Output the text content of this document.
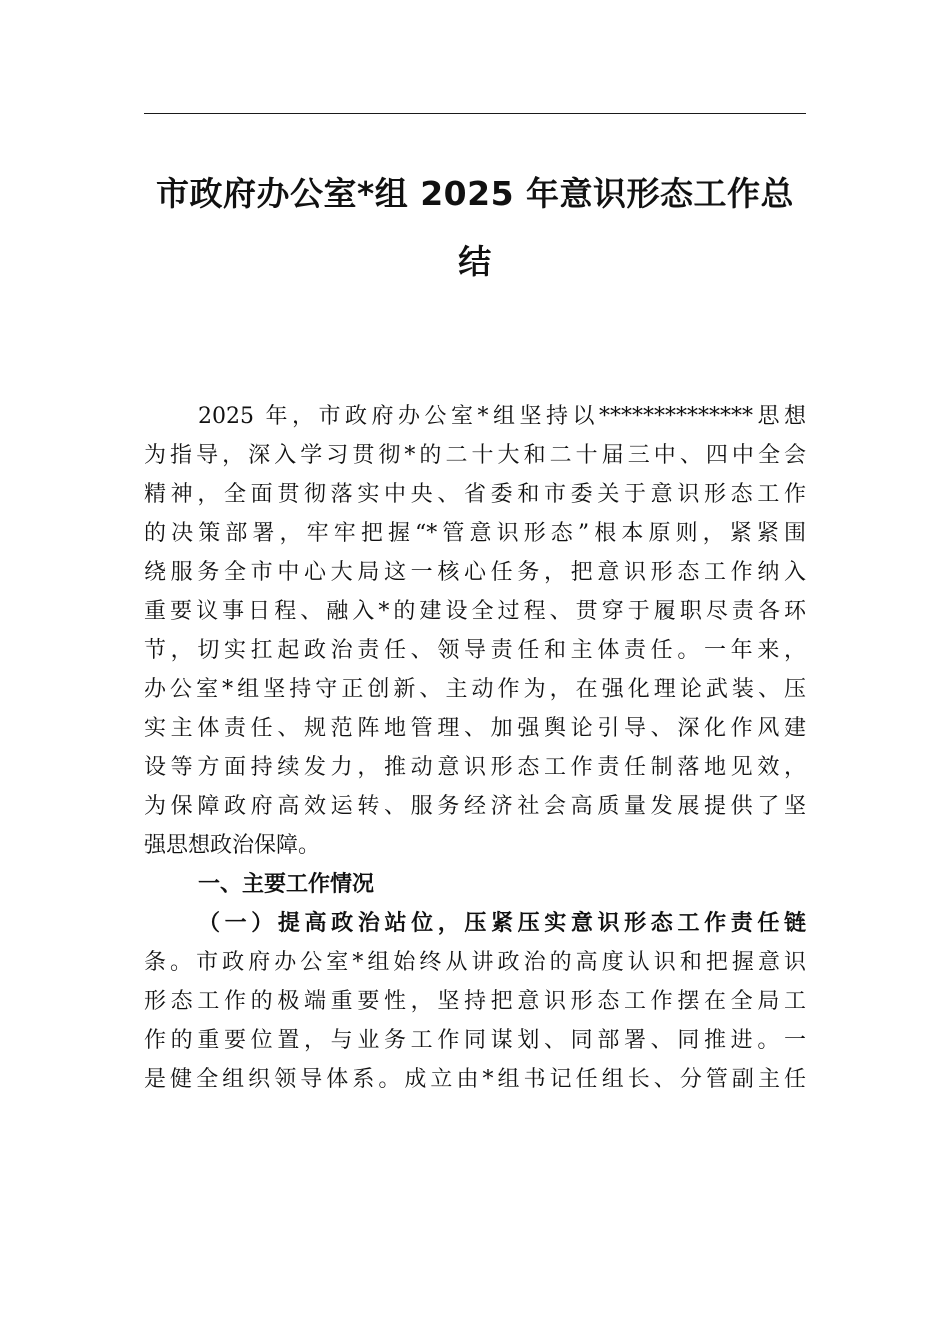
市政府办公室*组 2025 年意识形态工作总
结
2025 年，市政府办公室*组坚持以**************思想
为指导，深入学习贯彻*的二十大和二十届三中、四中全会
精神，全面贯彻落实中央、省委和市委关于意识形态工作
的决策部署，牢牢把握“*管意识形态”根本原则，紧紧围
绕服务全市中心大局这一核心任务，把意识形态工作纳入
重要议事日程、融入*的建设全过程、贯穿于履职尽责各环
节，切实扛起政治责任、领导责任和主体责任。一年来，
办公室*组坚持守正创新、主动作为，在强化理论武装、压
实主体责任、规范阵地管理、加强舆论引导、深化作风建
设等方面持续发力，推动意识形态工作责任制落地见效，
为保障政府高效运转、服务经济社会高质量发展提供了坚
强思想政治保障。
一、主要工作情况
（一）提高政治站位，压紧压实意识形态工作责任链
条。市政府办公室*组始终从讲政治的高度认识和把握意识
形态工作的极端重要性，坚持把意识形态工作摆在全局工
作的重要位置，与业务工作同谋划、同部署、同推进。一
是健全组织领导体系。成立由*组书记任组长、分管副主任
